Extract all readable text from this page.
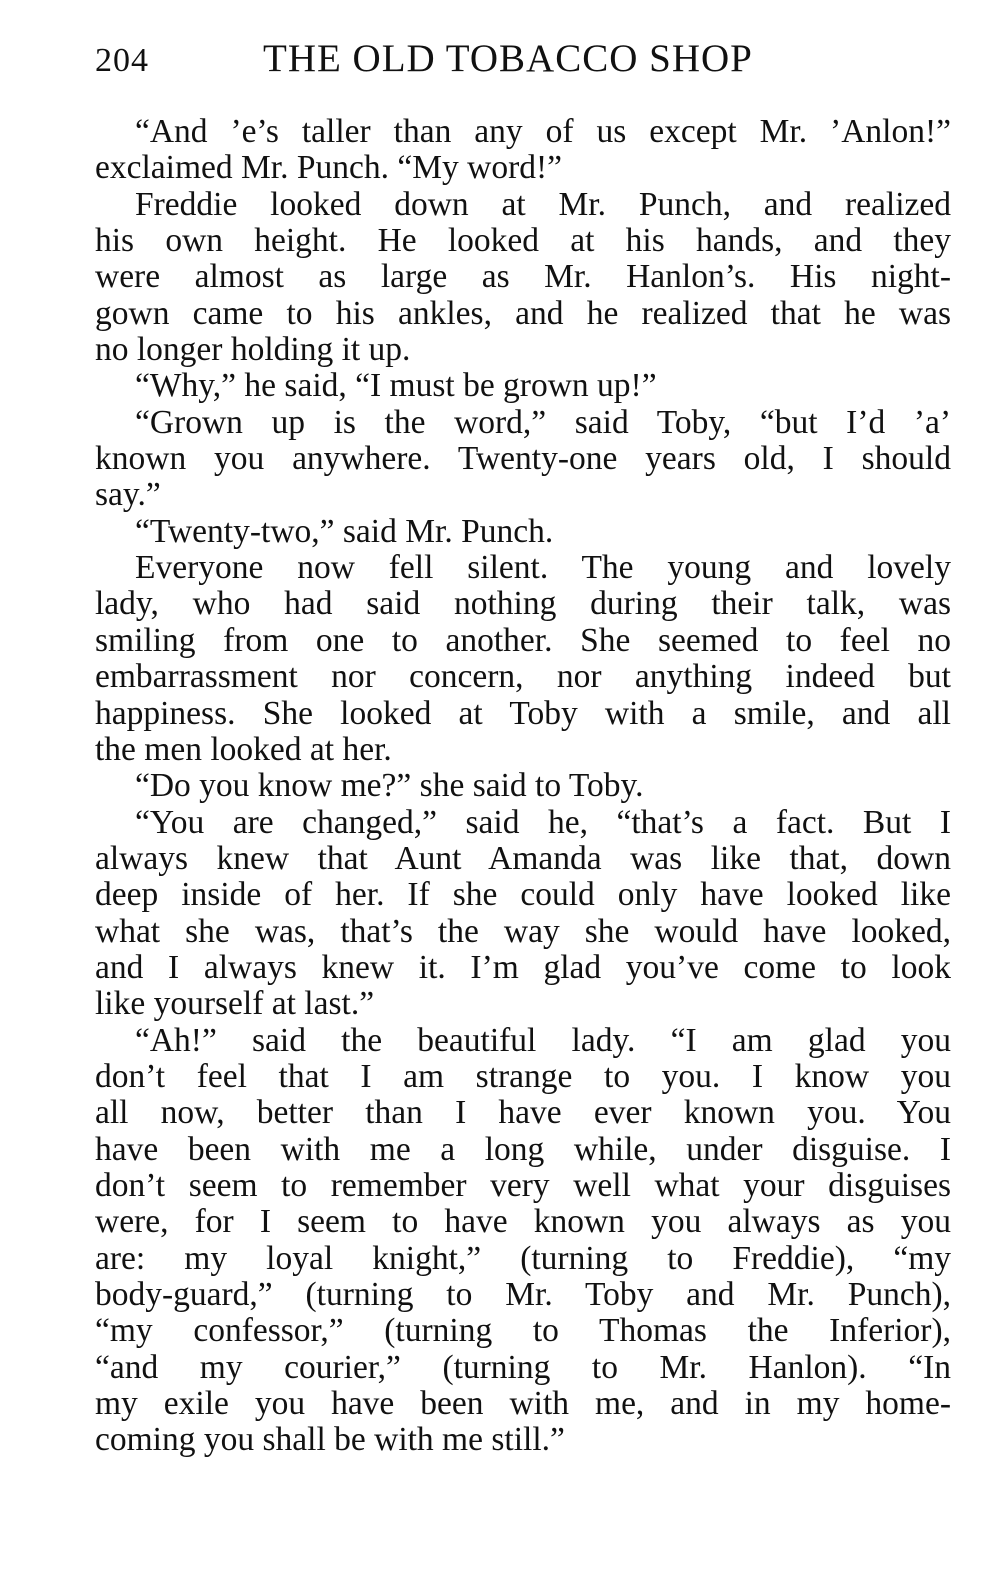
204	THE OLD TOBACCO SHOP
“And ’e’s taller than any of us except Mr. ’Anlon!”
exclaimed Mr. Punch. “My word!”
Freddie looked down at Mr. Punch, and realized
his own height. He looked at his hands, and they
were almost as large as Mr. Hanlon’s. His night-
gown came to his ankles, and he realized that he was
no longer holding it up.
“Why,” he said, “I must be grown up!”
“Grown up is the word,” said Toby, “but I’d ’a’
known you anywhere. Twenty-one years old, I should
say.”
“Twenty-two,” said Mr. Punch.
Everyone now fell silent. The young and lovely
lady, who had said nothing during their talk, was
smiling from one to another. She seemed to feel no
embarrassment nor concern, nor anything indeed but
happiness. She looked at Toby with a smile, and all
the men looked at her.
“Do you know me?” she said to Toby.
“You are changed,” said he, “that’s a fact. But I
always knew that Aunt Amanda was like that, down
deep inside of her. If she could only have looked like
what she was, that’s the way she would have looked,
and I always knew it. I’m glad you’ve come to look
like yourself at last.”
“Ah!” said the beautiful lady. “I am glad you
don’t feel that I am strange to you. I know you
all now, better than I have ever known you. You
have been with me a long while, under disguise. I
don’t seem to remember very well what your disguises
were, for I seem to have known you always as you
are: my loyal knight,” (turning to Freddie), “my
body-guard,” (turning to Mr. Toby and Mr. Punch),
“my confessor,” (turning to Thomas the Inferior),
“and my courier,” (turning to Mr. Hanlon). “In
my exile you have been with me, and in my home-
coming you shall be with me still.”
